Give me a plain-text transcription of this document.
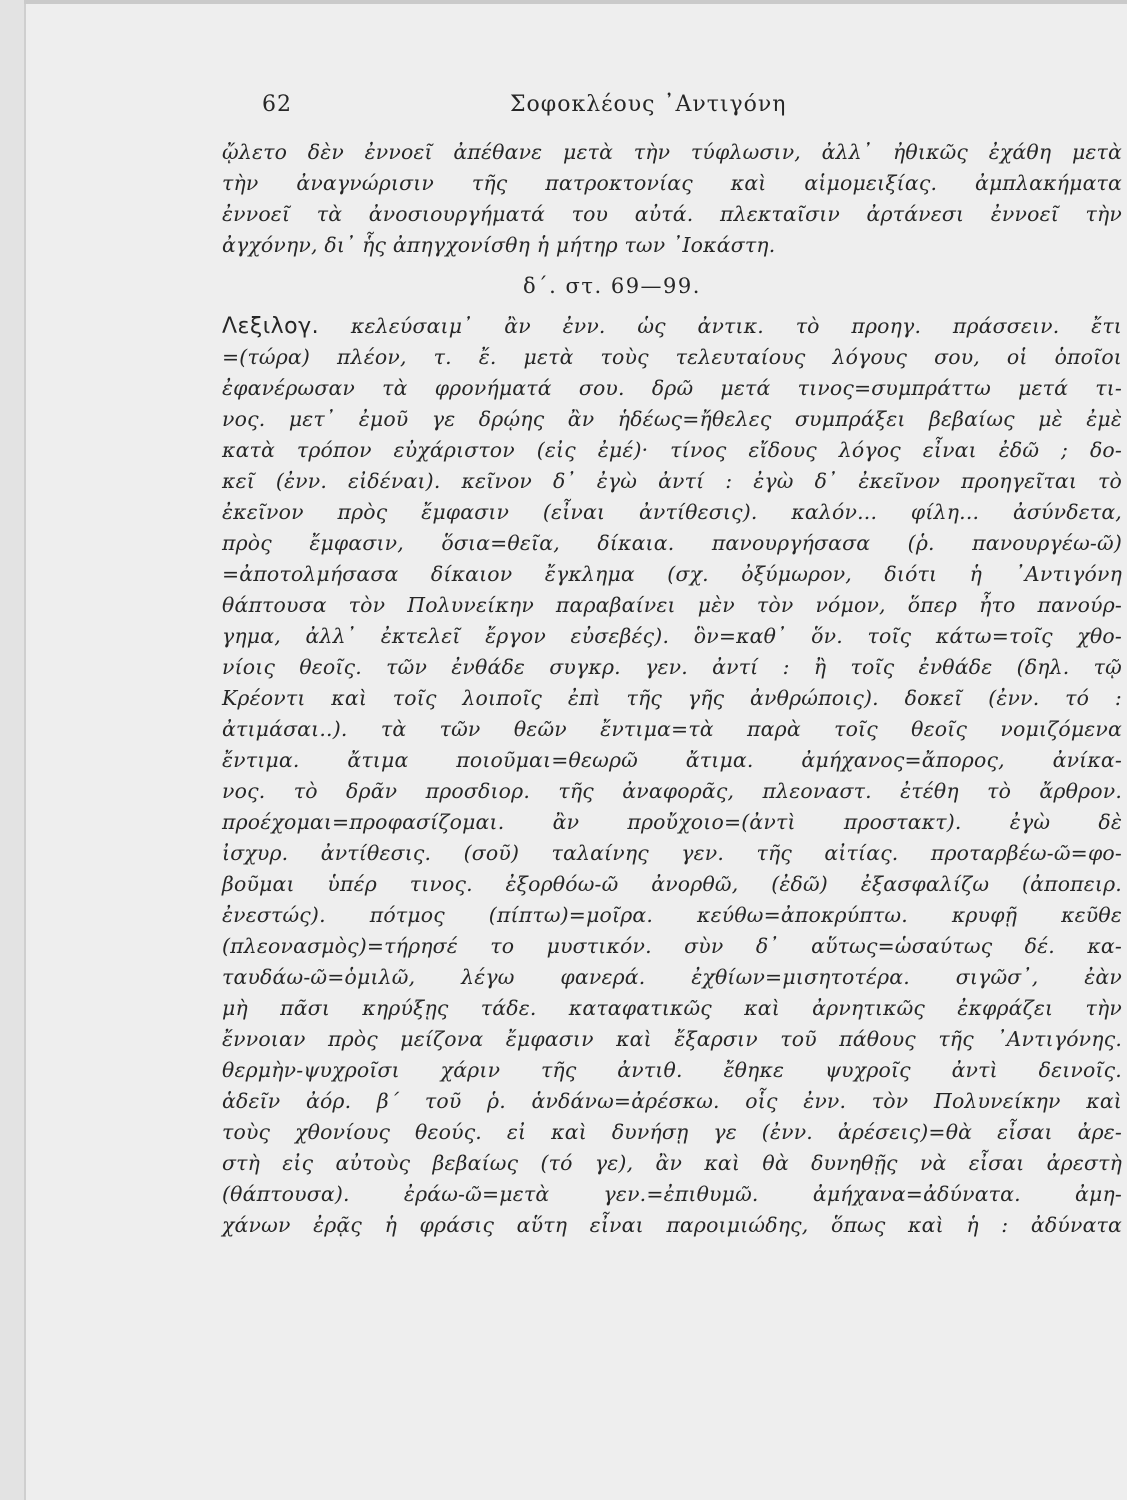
62	Σοφοκλέους ᾿Αντιγόνη
ᾤλετο δὲν ἐννοεῖ ἀπέθανε μετὰ τὴν τύφλωσιν, ἀλλ᾿ ἠθικῶς ἐχάθη μετὰ
τὴν ἀναγνώρισιν τῆς πατροκτονίας καὶ αἱμομειξίας. ἀμπλακήματα
ἐννοεῖ τὰ ἀνοσιουργήματά του αὐτά. πλεκταῖσιν ἀρτάνεσι ἐννοεῖ τὴν
ἀγχόνην, δι᾿ ἧς ἀπηγχονίσθη ἡ μήτηρ των ᾿Ιοκάστη.
δ΄. στ. 69—99.
Λεξιλογ. κελεύσαιμ᾿ ἂν ἐνν. ὡς ἀντικ. τὸ προηγ. πράσσειν. ἔτι
=(τώρα) πλέον, τ. ἔ. μετὰ τοὺς τελευταίους λόγους σου, οἱ ὁποῖοι
ἐφανέρωσαν τὰ φρονήματά σου. δρῶ μετά τινος=συμπράττω μετά τι-
νος. μετ᾿ ἐμοῦ γε δρῴης ἂν ἡδέως=ἤθελες συμπράξει βεβαίως μὲ ἐμὲ
κατὰ τρόπον εὐχάριστον (εἰς ἐμέ)· τίνος εἴδους λόγος εἶναι ἐδῶ ; δο-
κεῖ (ἐνν. εἰδέναι). κεῖνον δ᾿ ἐγὼ ἀντί : ἐγὼ δ᾿ ἐκεῖνον προηγεῖται τὸ
ἐκεῖνον πρὸς ἔμφασιν (εἶναι ἀντίθεσις). καλόν... φίλη... ἀσύνδετα,
πρὸς ἔμφασιν, ὅσια=θεῖα, δίκαια. πανουργήσασα (ῥ. πανουργέω-ῶ)
=ἀποτολμήσασα δίκαιον ἔγκλημα (σχ. ὀξύμωρον, διότι ἡ ᾿Αντιγόνη
θάπτουσα τὸν Πολυνείκην παραβαίνει μὲν τὸν νόμον, ὅπερ ἦτο πανούρ-
γημα, ἀλλ᾿ ἐκτελεῖ ἔργον εὐσεβές). ὃν=καθ᾿ ὅν. τοῖς κάτω=τοῖς χθο-
νίοις θεοῖς. τῶν ἐνθάδε συγκρ. γεν. ἀντί : ἢ τοῖς ἐνθάδε (δηλ. τῷ
Κρέοντι καὶ τοῖς λοιποῖς ἐπὶ τῆς γῆς ἀνθρώποις). δοκεῖ (ἐνν. τό :
ἀτιμάσαι..). τὰ τῶν θεῶν ἔντιμα=τὰ παρὰ τοῖς θεοῖς νομιζόμενα
ἔντιμα. ἄτιμα ποιοῦμαι=θεωρῶ ἄτιμα. ἀμήχανος=ἄπορος, ἀνίκα-
νος. τὸ δρᾶν προσδιορ. τῆς ἀναφορᾶς, πλεοναστ. ἐτέθη τὸ ἄρθρον.
προέχομαι=προφασίζομαι. ἂν προὔχοιο=(ἀντὶ προστακτ). ἐγὼ δὲ
ἰσχυρ. ἀντίθεσις. (σοῦ) ταλαίνης γεν. τῆς αἰτίας. προταρβέω-ῶ=φο-
βοῦμαι ὑπέρ τινος. ἐξορθόω-ῶ ἀνορθῶ, (ἐδῶ) ἐξασφαλίζω (ἀποπειρ.
ἐνεστώς). πότμος (πίπτω)=μοῖρα. κεύθω=ἀποκρύπτω. κρυφῇ κεῦθε
(πλεονασμὸς)=τήρησέ το μυστικόν. σὺν δ᾿ αὕτως=ὡσαύτως δέ. κα-
ταυδάω-ῶ=ὁμιλῶ, λέγω φανερά. ἐχθίων=μισητοτέρα. σιγῶσ᾿, ἐὰν
μὴ πᾶσι κηρύξῃς τάδε. καταφατικῶς καὶ ἀρνητικῶς ἐκφράζει τὴν
ἔννοιαν πρὸς μείζονα ἔμφασιν καὶ ἔξαρσιν τοῦ πάθους τῆς ᾿Αντιγόνης.
θερμὴν-ψυχροῖσι χάριν τῆς ἀντιθ. ἔθηκε ψυχροῖς ἀντὶ δεινοῖς.
ἁδεῖν ἀόρ. β΄ τοῦ ῥ. ἁνδάνω=ἀρέσκω. οἷς ἐνν. τὸν Πολυνείκην καὶ
τοὺς χθονίους θεούς. εἰ καὶ δυνήσῃ γε (ἐνν. ἀρέσεις)=θὰ εἶσαι ἀρε-
στὴ εἰς αὐτοὺς βεβαίως (τό γε), ἂν καὶ θὰ δυνηθῇς νὰ εἶσαι ἀρεστὴ
(θάπτουσα). ἐράω-ῶ=μετὰ γεν.=ἐπιθυμῶ. ἀμήχανα=ἀδύνατα. ἀμη-
χάνων ἐρᾷς ἡ φράσις αὕτη εἶναι παροιμιώδης, ὅπως καὶ ἡ : ἀδύνατα
